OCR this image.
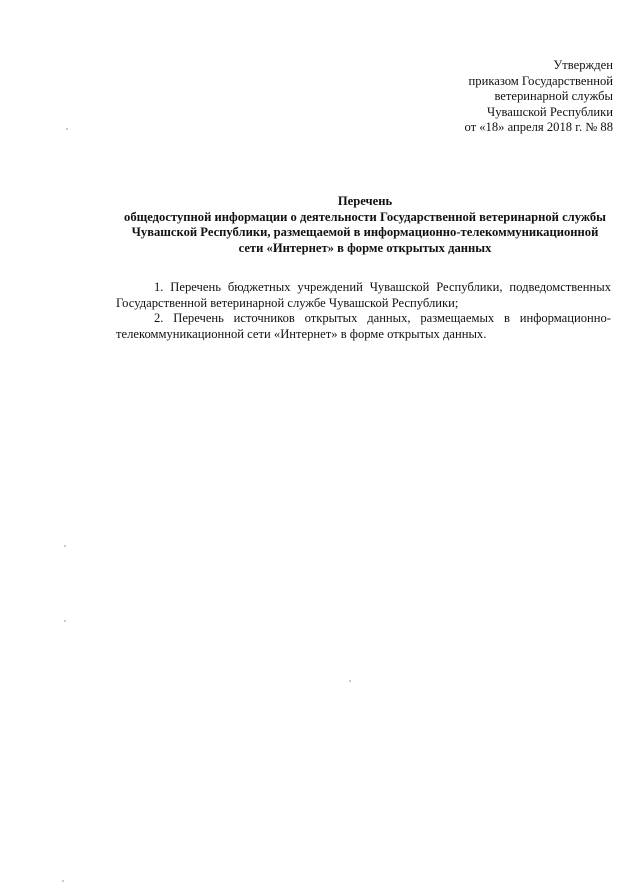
Утвержден
приказом Государственной
ветеринарной службы
Чувашской Республики
от «18» апреля 2018 г. № 88
Перечень
общедоступной информации о деятельности Государственной ветеринарной службы
Чувашской Республики, размещаемой в информационно-телекоммуникационной
сети «Интернет» в форме открытых данных

1. Перечень бюджетных учреждений Чувашской Республики, подведомственных Государственной ветеринарной службе Чувашской Республики;

2. Перечень источников открытых данных, размещаемых в информационно-телекоммуникационной сети «Интернет» в форме открытых данных.
